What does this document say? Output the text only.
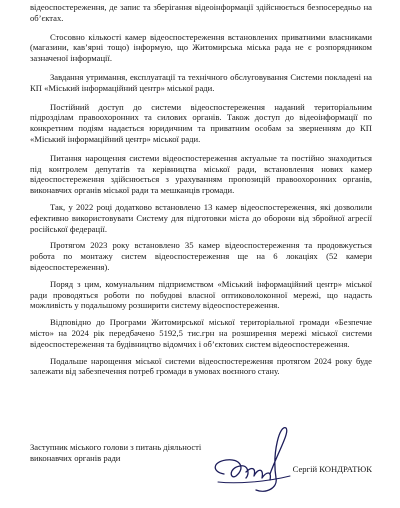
відеоспостереження, де запис та зберігання відеоінформації здійснюється безпосередньо на об’єктах.

Стосовно кількості камер відеоспостереження встановлених приватними власниками (магазини, кав’ярні тощо) інформую, що Житомирська міська рада не є розпорядником зазначеної інформації.

Завдання утримання, експлуатації та технічного обслуговування Системи покладені на КП «Міський інформаційний центр» міської ради.

Постійний доступ до системи відеоспостереження наданий територіальним підрозділам правоохоронних та силових органів. Також доступ до відеоінформації по конкретним подіям надається юридичним та приватним особам за зверненням до КП «Міський інформаційний центр» міської ради.

Питання нарощення системи відеоспостереження актуальне та постійно знаходиться під контролем депутатів та керівництва міської ради, встановлення нових камер відеоспостереження здійснюється з урахуванням пропозицій правоохоронних органів, виконавчих органів міської ради та мешканців громади.

Так, у 2022 році додатково встановлено 13 камер відеоспостереження, які дозволили ефективно використовувати Систему для підготовки міста до оборони від збройної агресії російської федерації.

Протягом 2023 року встановлено 35 камер відеоспостереження та продовжується робота по монтажу систем відеоспостереження ще на 6 локаціях (52 камери відеоспостереження).

Поряд з цим, комунальним підприємством «Міський інформаційний центр» міської ради проводяться роботи по побудові власної оптиковолоконної мережі, що надасть можливість у подальшому розширити систему відеоспостереження.

Відповідно до Програми Житомирської міської територіальної громади «Безпечне місто» на 2024 рік передбачено 5192,5 тис.грн на розширення мережі міської системи відеоспостереження та будівництво відомчих і об’єктових систем відеоспостереження.

Подальше нарощення міської системи відеоспостереження протягом 2024 року буде залежати від забезпечення потреб громади в умовах воєнного стану.

Заступник міського голови з питань діяльності виконавчих органів ради
Сергій КОНДРАТЮК
